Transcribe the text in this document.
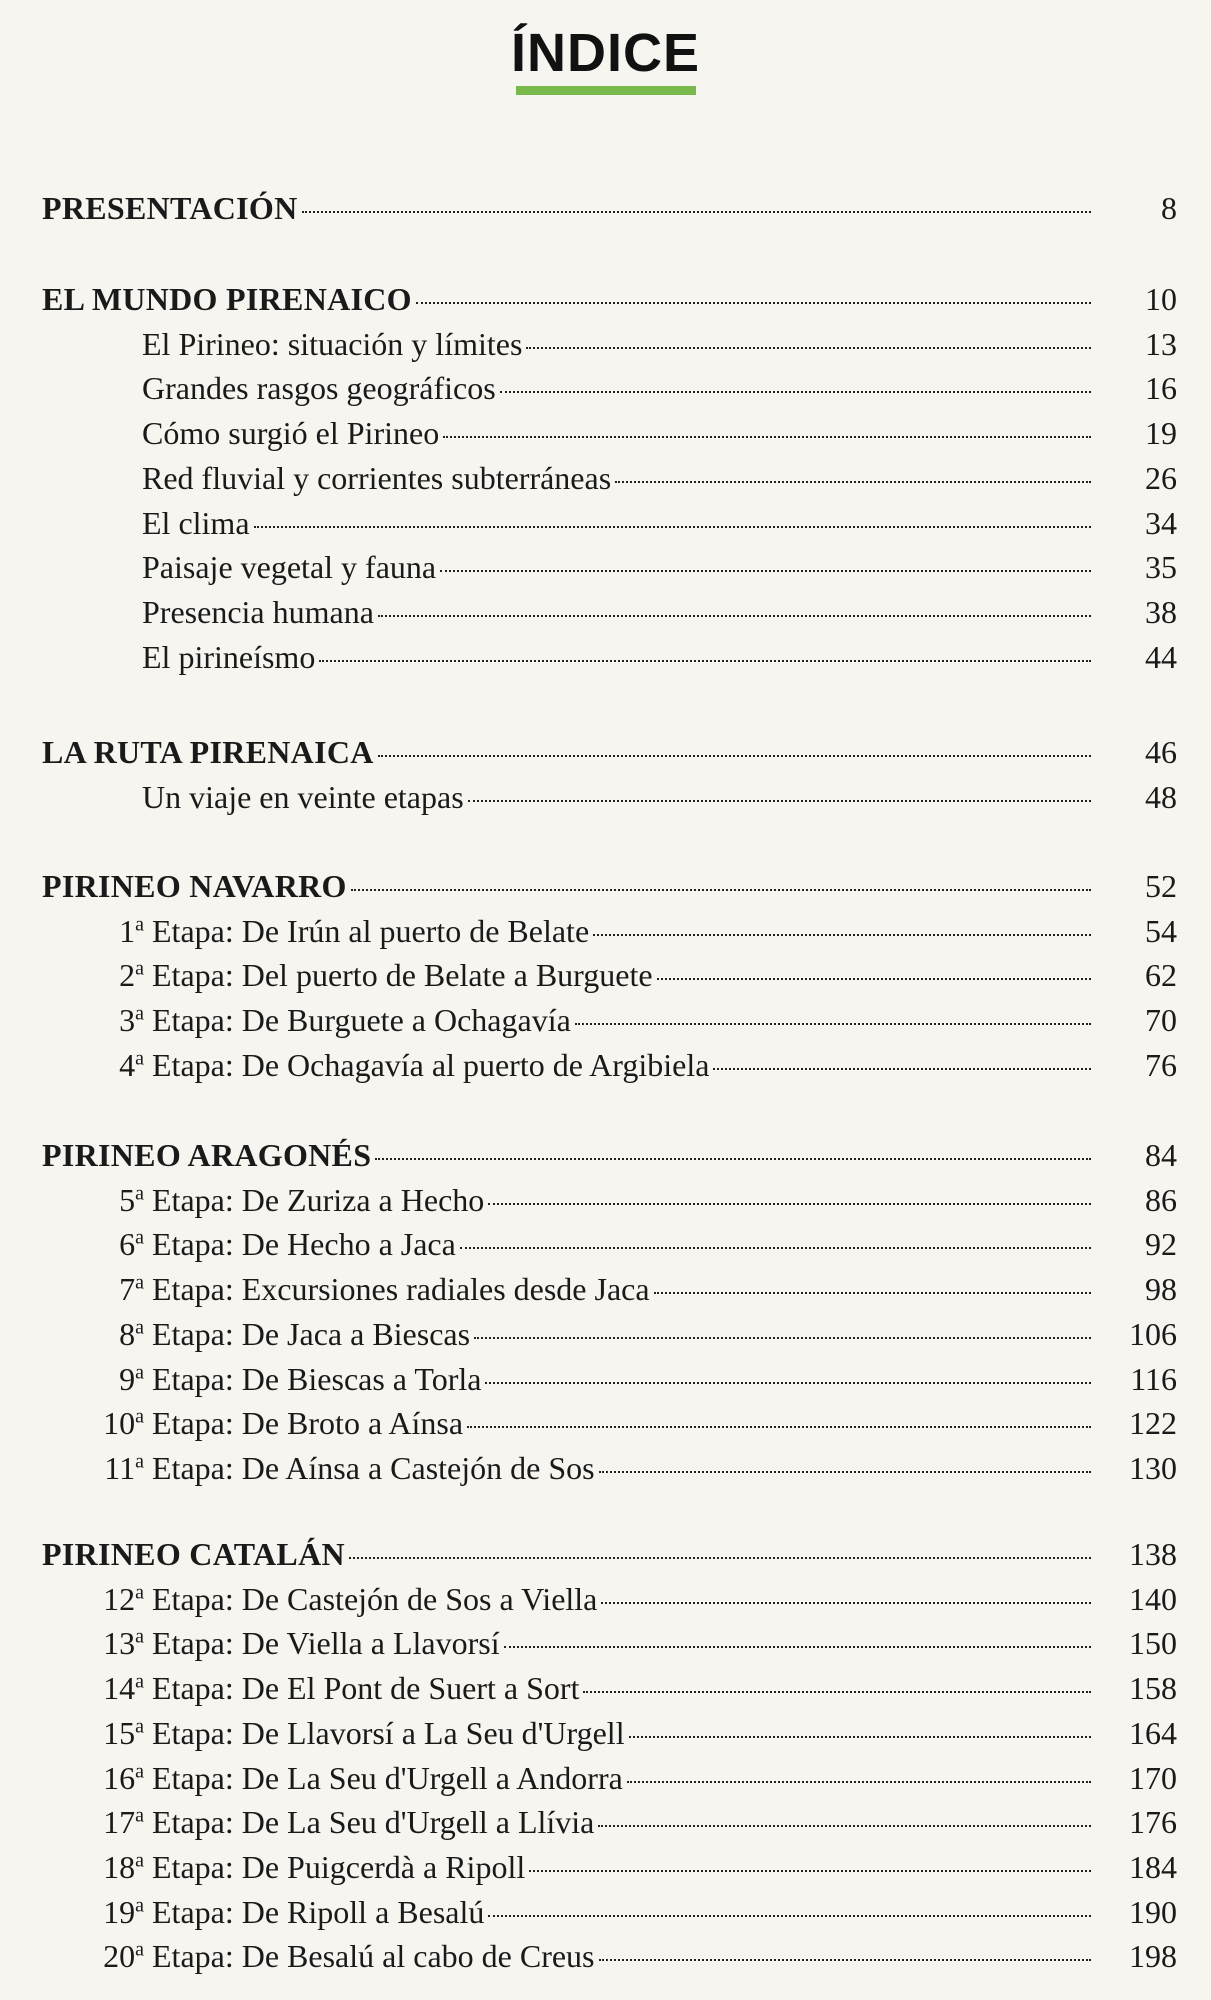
ÍNDICE
PRESENTACIÓN	8
EL MUNDO PIRENAICO	10
El Pirineo: situación y límites	13
Grandes rasgos geográficos	16
Cómo surgió el Pirineo	19
Red fluvial y corrientes subterráneas	26
El clima	34
Paisaje vegetal y fauna	35
Presencia humana	38
El pirineísmo	44
LA RUTA PIRENAICA	46
Un viaje en veinte etapas	48
PIRINEO NAVARRO	52
1$^a$ Etapa: De Irún al puerto de Belate	54
2$^a$ Etapa: Del puerto de Belate a Burguete	62
3$^a$ Etapa: De Burguete a Ochagavía	70
4$^a$ Etapa: De Ochagavía al puerto de Argibiela	76
PIRINEO ARAGONÉS	84
5$^a$ Etapa: De Zuriza a Hecho	86
6$^a$ Etapa: De Hecho a Jaca	92
7$^a$ Etapa: Excursiones radiales desde Jaca	98
8$^a$ Etapa: De Jaca a Biescas	106
9$^a$ Etapa: De Biescas a Torla	116
10$^a$ Etapa: De Broto a Aínsa	122
11$^a$ Etapa: De Aínsa a Castejón de Sos	130
PIRINEO CATALÁN	138
12$^a$ Etapa: De Castejón de Sos a Viella	140
13$^a$ Etapa: De Viella a Llavorsí	150
14$^a$ Etapa: De El Pont de Suert a Sort	158
15$^a$ Etapa: De Llavorsí a La Seu d'Urgell	164
16$^a$ Etapa: De La Seu d'Urgell a Andorra	170
17$^a$ Etapa: De La Seu d'Urgell a Llívia	176
18$^a$ Etapa: De Puigcerdà a Ripoll	184
19$^a$ Etapa: De Ripoll a Besalú	190
20$^a$ Etapa: De Besalú al cabo de Creus	198
